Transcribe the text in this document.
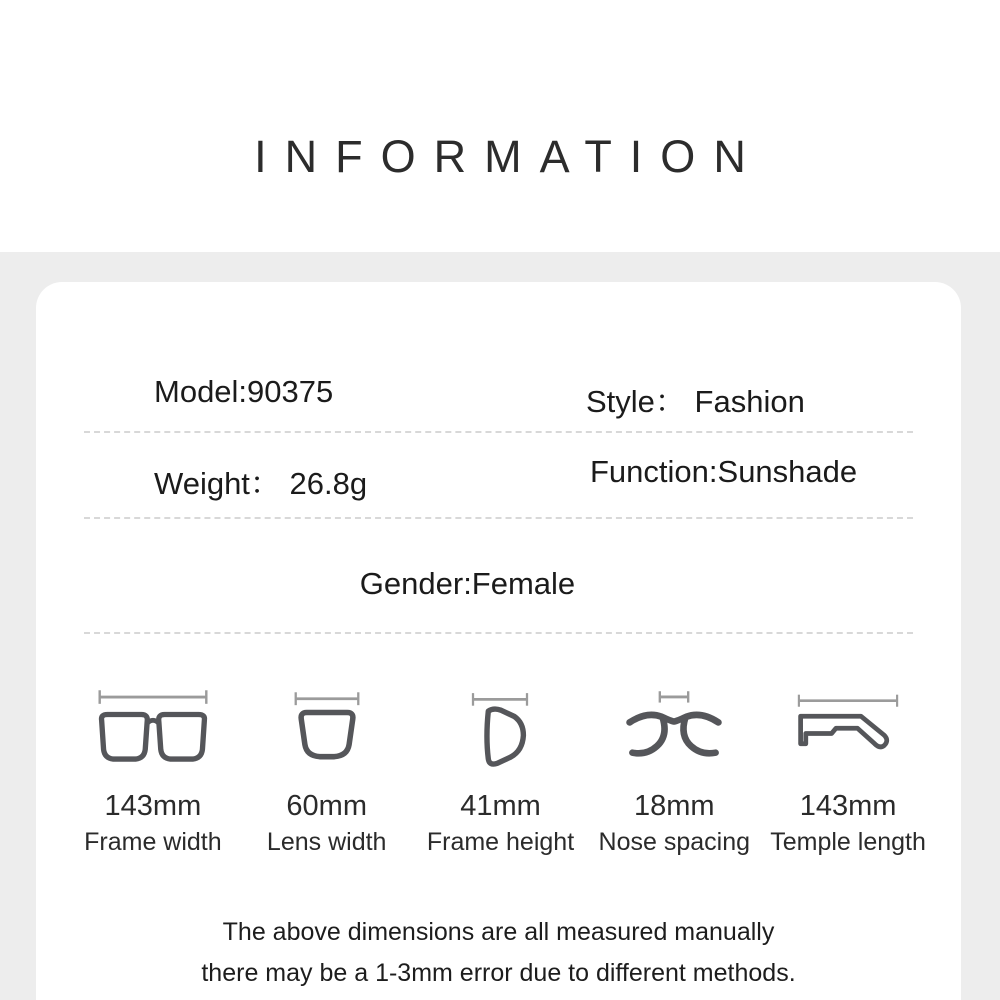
INFORMATION
Model:90375	Style： Fashion
Weight： 26.8g	Function:Sunshade
Gender:Female
143mm
Frame width
60mm
Lens width
41mm
Frame height
18mm
Nose spacing
143mm
Temple length
The above dimensions are all measured manually
there may be a 1-3mm error due to different methods.
